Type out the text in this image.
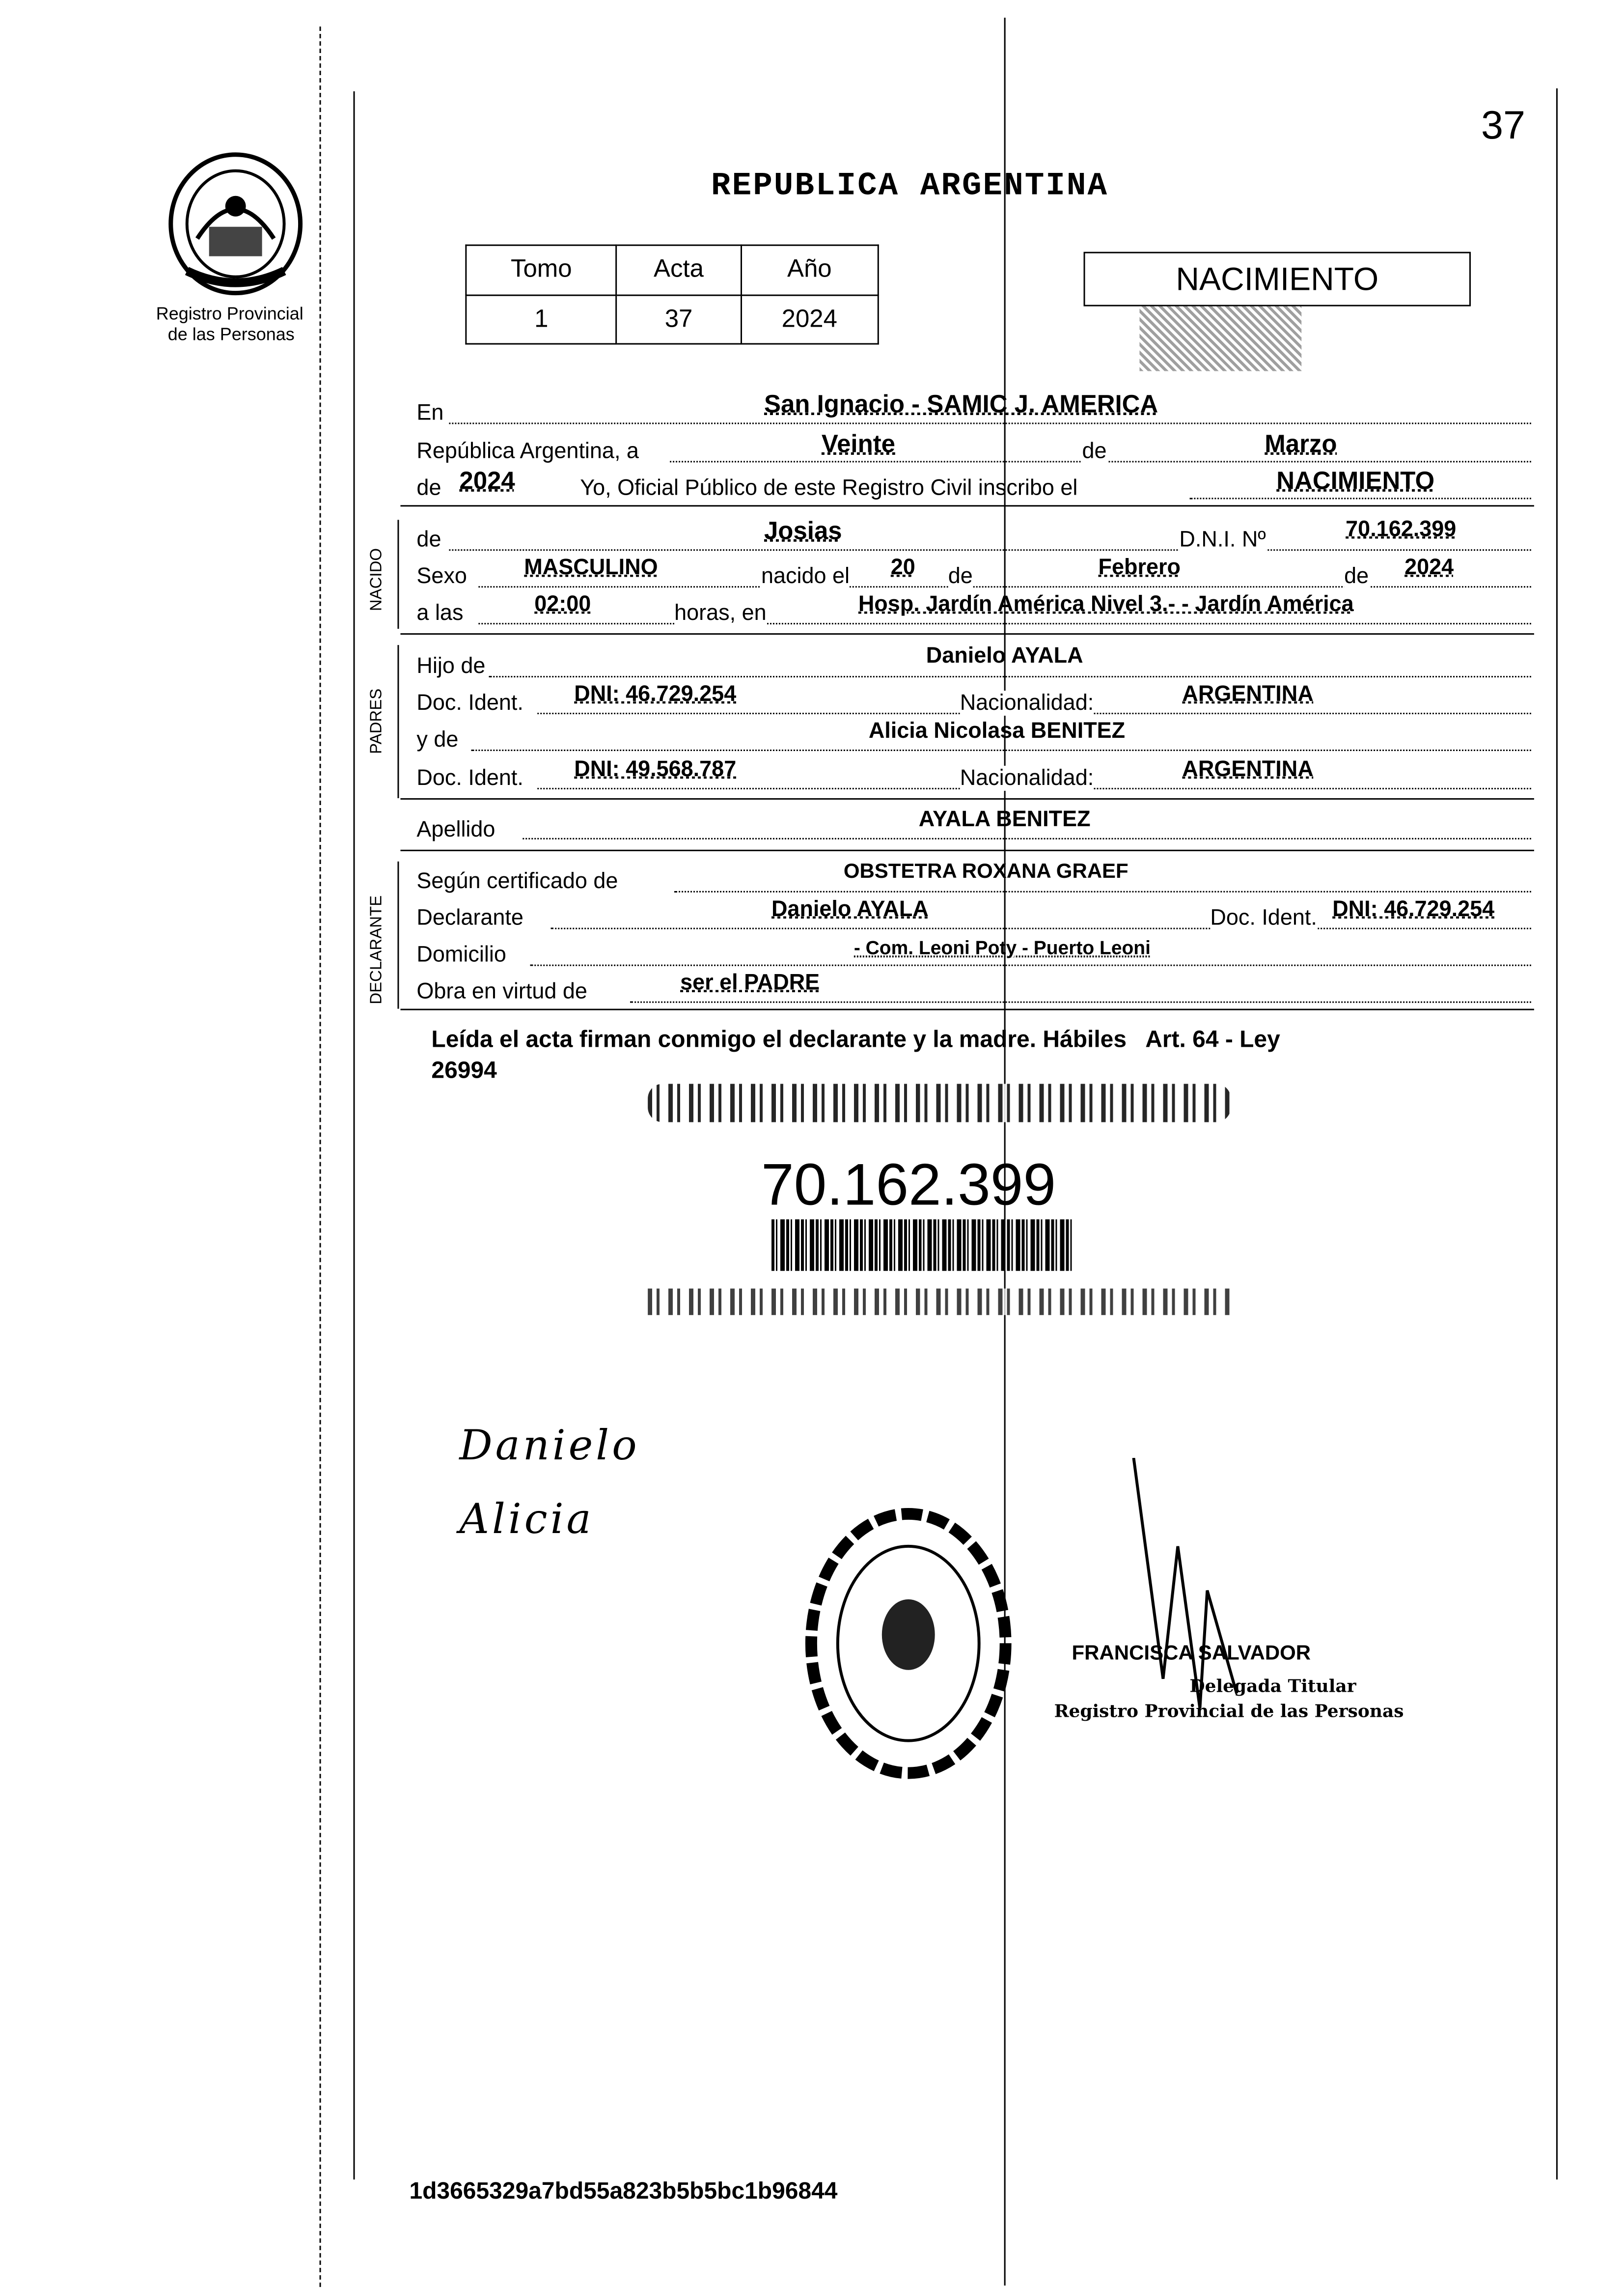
37
Registro Provincial
de las Personas
REPUBLICA ARGENTINA
Tomo	Acta	Año
1	37	2024
NACIMIENTO
En	San Ignacio - SAMIC J. AMERICA
República Argentina, a	Veinte	de	Marzo
de 2024	Yo, Oficial Público de este Registro Civil inscribo el	NACIMIENTO
NACIDO
de	Josias	D.N.I. Nº	70.162.399
Sexo	MASCULINO	nacido el	20	de	Febrero	de	2024
a las	02:00	horas, en	Hosp. Jardín América Nivel 3.- - Jardín América
PADRES
Hijo de	Danielo AYALA
Doc. Ident.	DNI: 46.729.254	Nacionalidad:	ARGENTINA
y de	Alicia Nicolasa BENITEZ
Doc. Ident.	DNI: 49.568.787	Nacionalidad:	ARGENTINA
Apellido	AYALA BENITEZ
DECLARANTE
Según certificado de	OBSTETRA ROXANA GRAEF
Declarante	Danielo AYALA	Doc. Ident. DNI: 46.729.254
Domicilio	- Com. Leoni Poty - Puerto Leoni
Obra en virtud de	ser el PADRE
Leída el acta firman conmigo el declarante y la madre. Hábiles   Art. 64 - Ley
26994
70.162.399
Danielo
Alicia
FRANCISCA SALVADOR
Delegada Titular
Registro Provincial de las Personas
1d3665329a7bd55a823b5b5bc1b96844
